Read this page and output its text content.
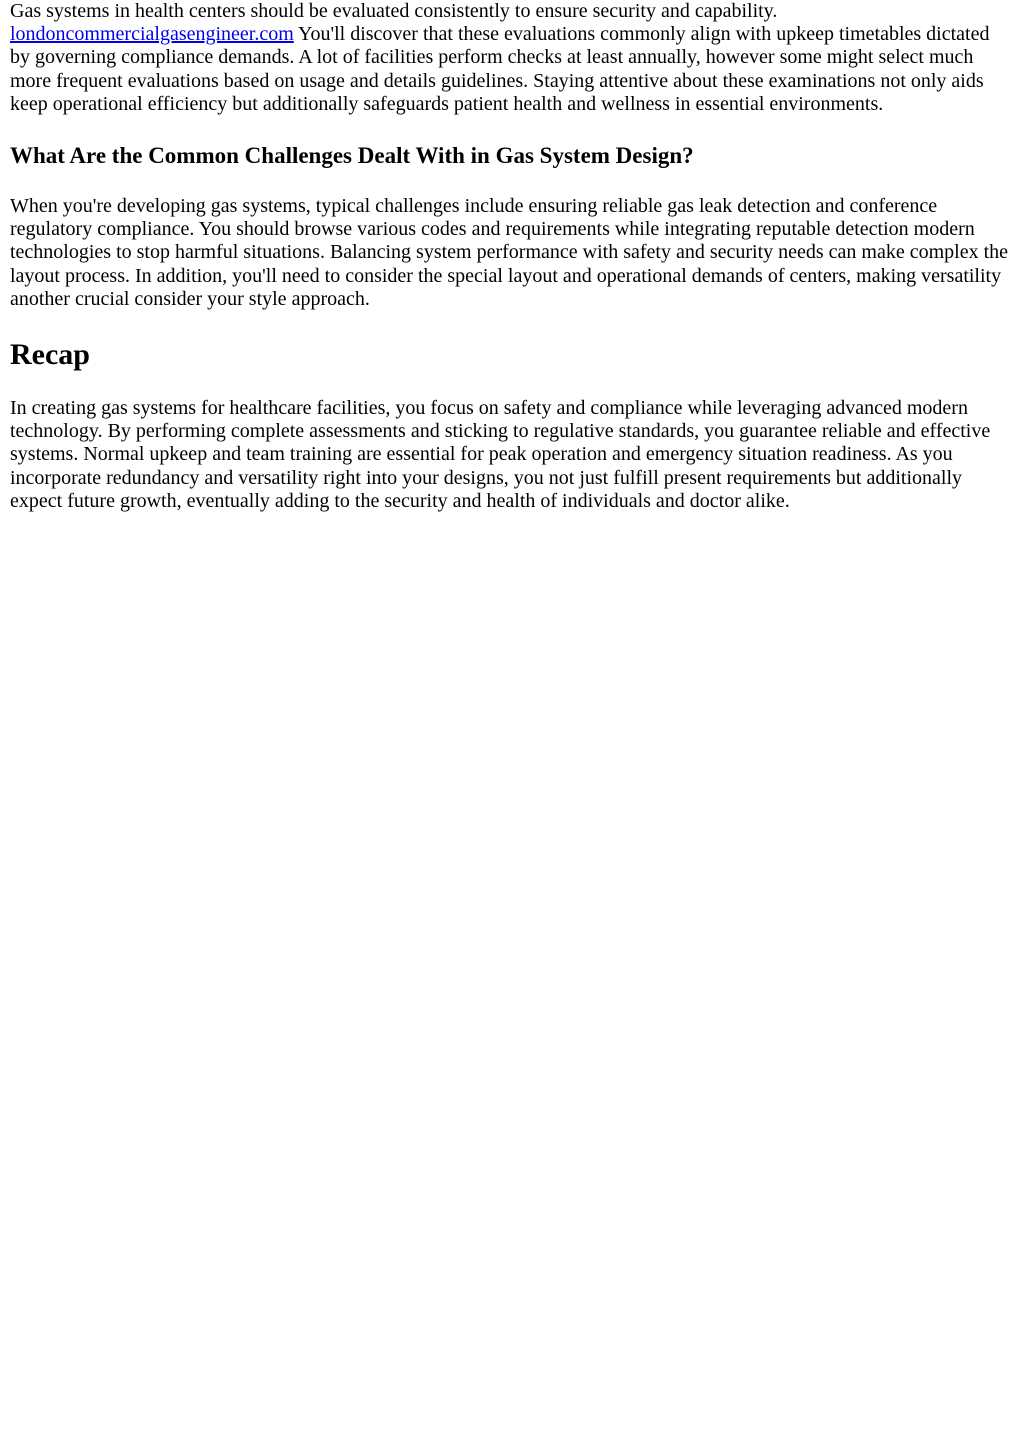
Gas systems in health centers should be evaluated consistently to ensure security and capability. londoncommercialgasengineer.com You'll discover that these evaluations commonly align with upkeep timetables dictated by governing compliance demands. A lot of facilities perform checks at least annually, however some might select much more frequent evaluations based on usage and details guidelines. Staying attentive about these examinations not only aids keep operational efficiency but additionally safeguards patient health and wellness in essential environments.

What Are the Common Challenges Dealt With in Gas System Design?

When you're developing gas systems, typical challenges include ensuring reliable gas leak detection and conference regulatory compliance. You should browse various codes and requirements while integrating reputable detection modern technologies to stop harmful situations. Balancing system performance with safety and security needs can make complex the layout process. In addition, you'll need to consider the special layout and operational demands of centers, making versatility another crucial consider your style approach.

Recap

In creating gas systems for healthcare facilities, you focus on safety and compliance while leveraging advanced modern technology. By performing complete assessments and sticking to regulative standards, you guarantee reliable and effective systems. Normal upkeep and team training are essential for peak operation and emergency situation readiness. As you incorporate redundancy and versatility right into your designs, you not just fulfill present requirements but additionally expect future growth, eventually adding to the security and health of individuals and doctor alike.
